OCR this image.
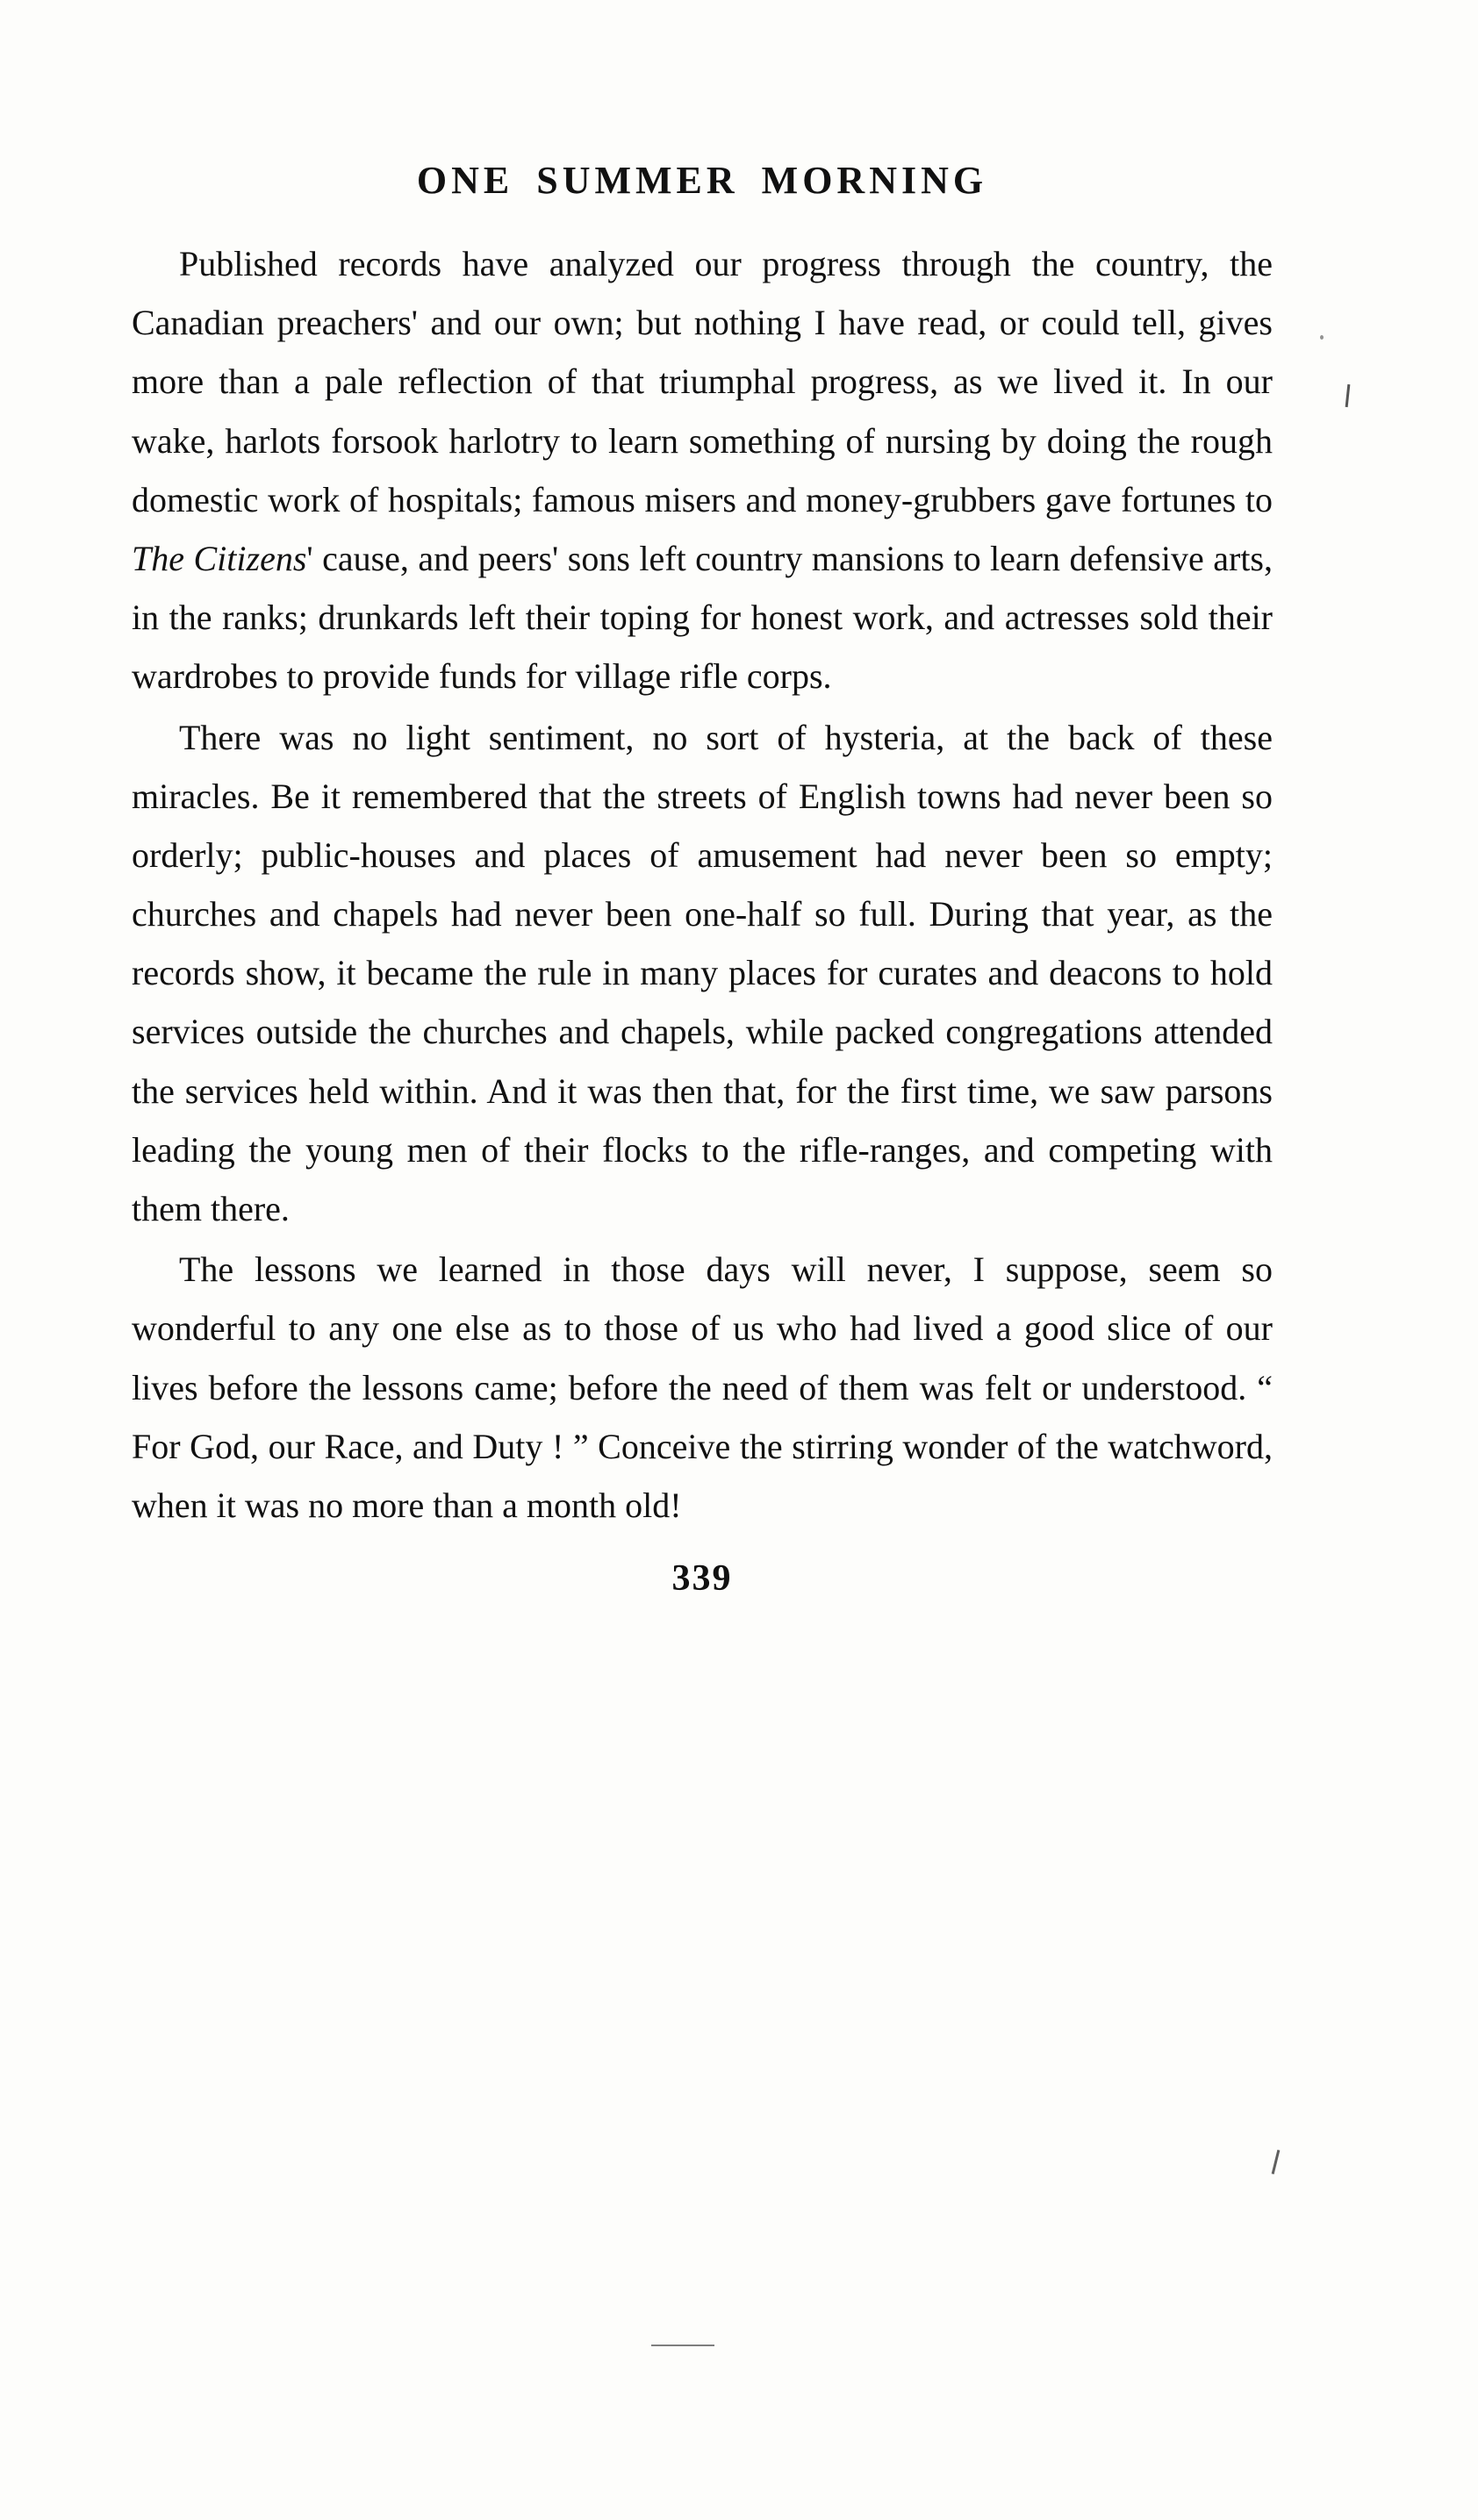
ONE SUMMER MORNING

Published records have analyzed our progress through the country, the Canadian preachers' and our own; but nothing I have read, or could tell, gives more than a pale reflection of that triumphal progress, as we lived it. In our wake, harlots forsook harlotry to learn something of nursing by doing the rough domestic work of hospitals; famous misers and money-grubbers gave fortunes to The Citizens' cause, and peers' sons left country mansions to learn defensive arts, in the ranks; drunkards left their toping for honest work, and actresses sold their wardrobes to provide funds for village rifle corps.

There was no light sentiment, no sort of hysteria, at the back of these miracles. Be it remembered that the streets of English towns had never been so orderly; public-houses and places of amusement had never been so empty; churches and chapels had never been one-half so full. During that year, as the records show, it became the rule in many places for curates and deacons to hold services outside the churches and chapels, while packed congregations attended the services held within. And it was then that, for the first time, we saw parsons leading the young men of their flocks to the rifle-ranges, and competing with them there.

The lessons we learned in those days will never, I suppose, seem so wonderful to any one else as to those of us who had lived a good slice of our lives before the lessons came; before the need of them was felt or understood. “ For God, our Race, and Duty ! ” Conceive the stirring wonder of the watchword, when it was no more than a month old!

339
